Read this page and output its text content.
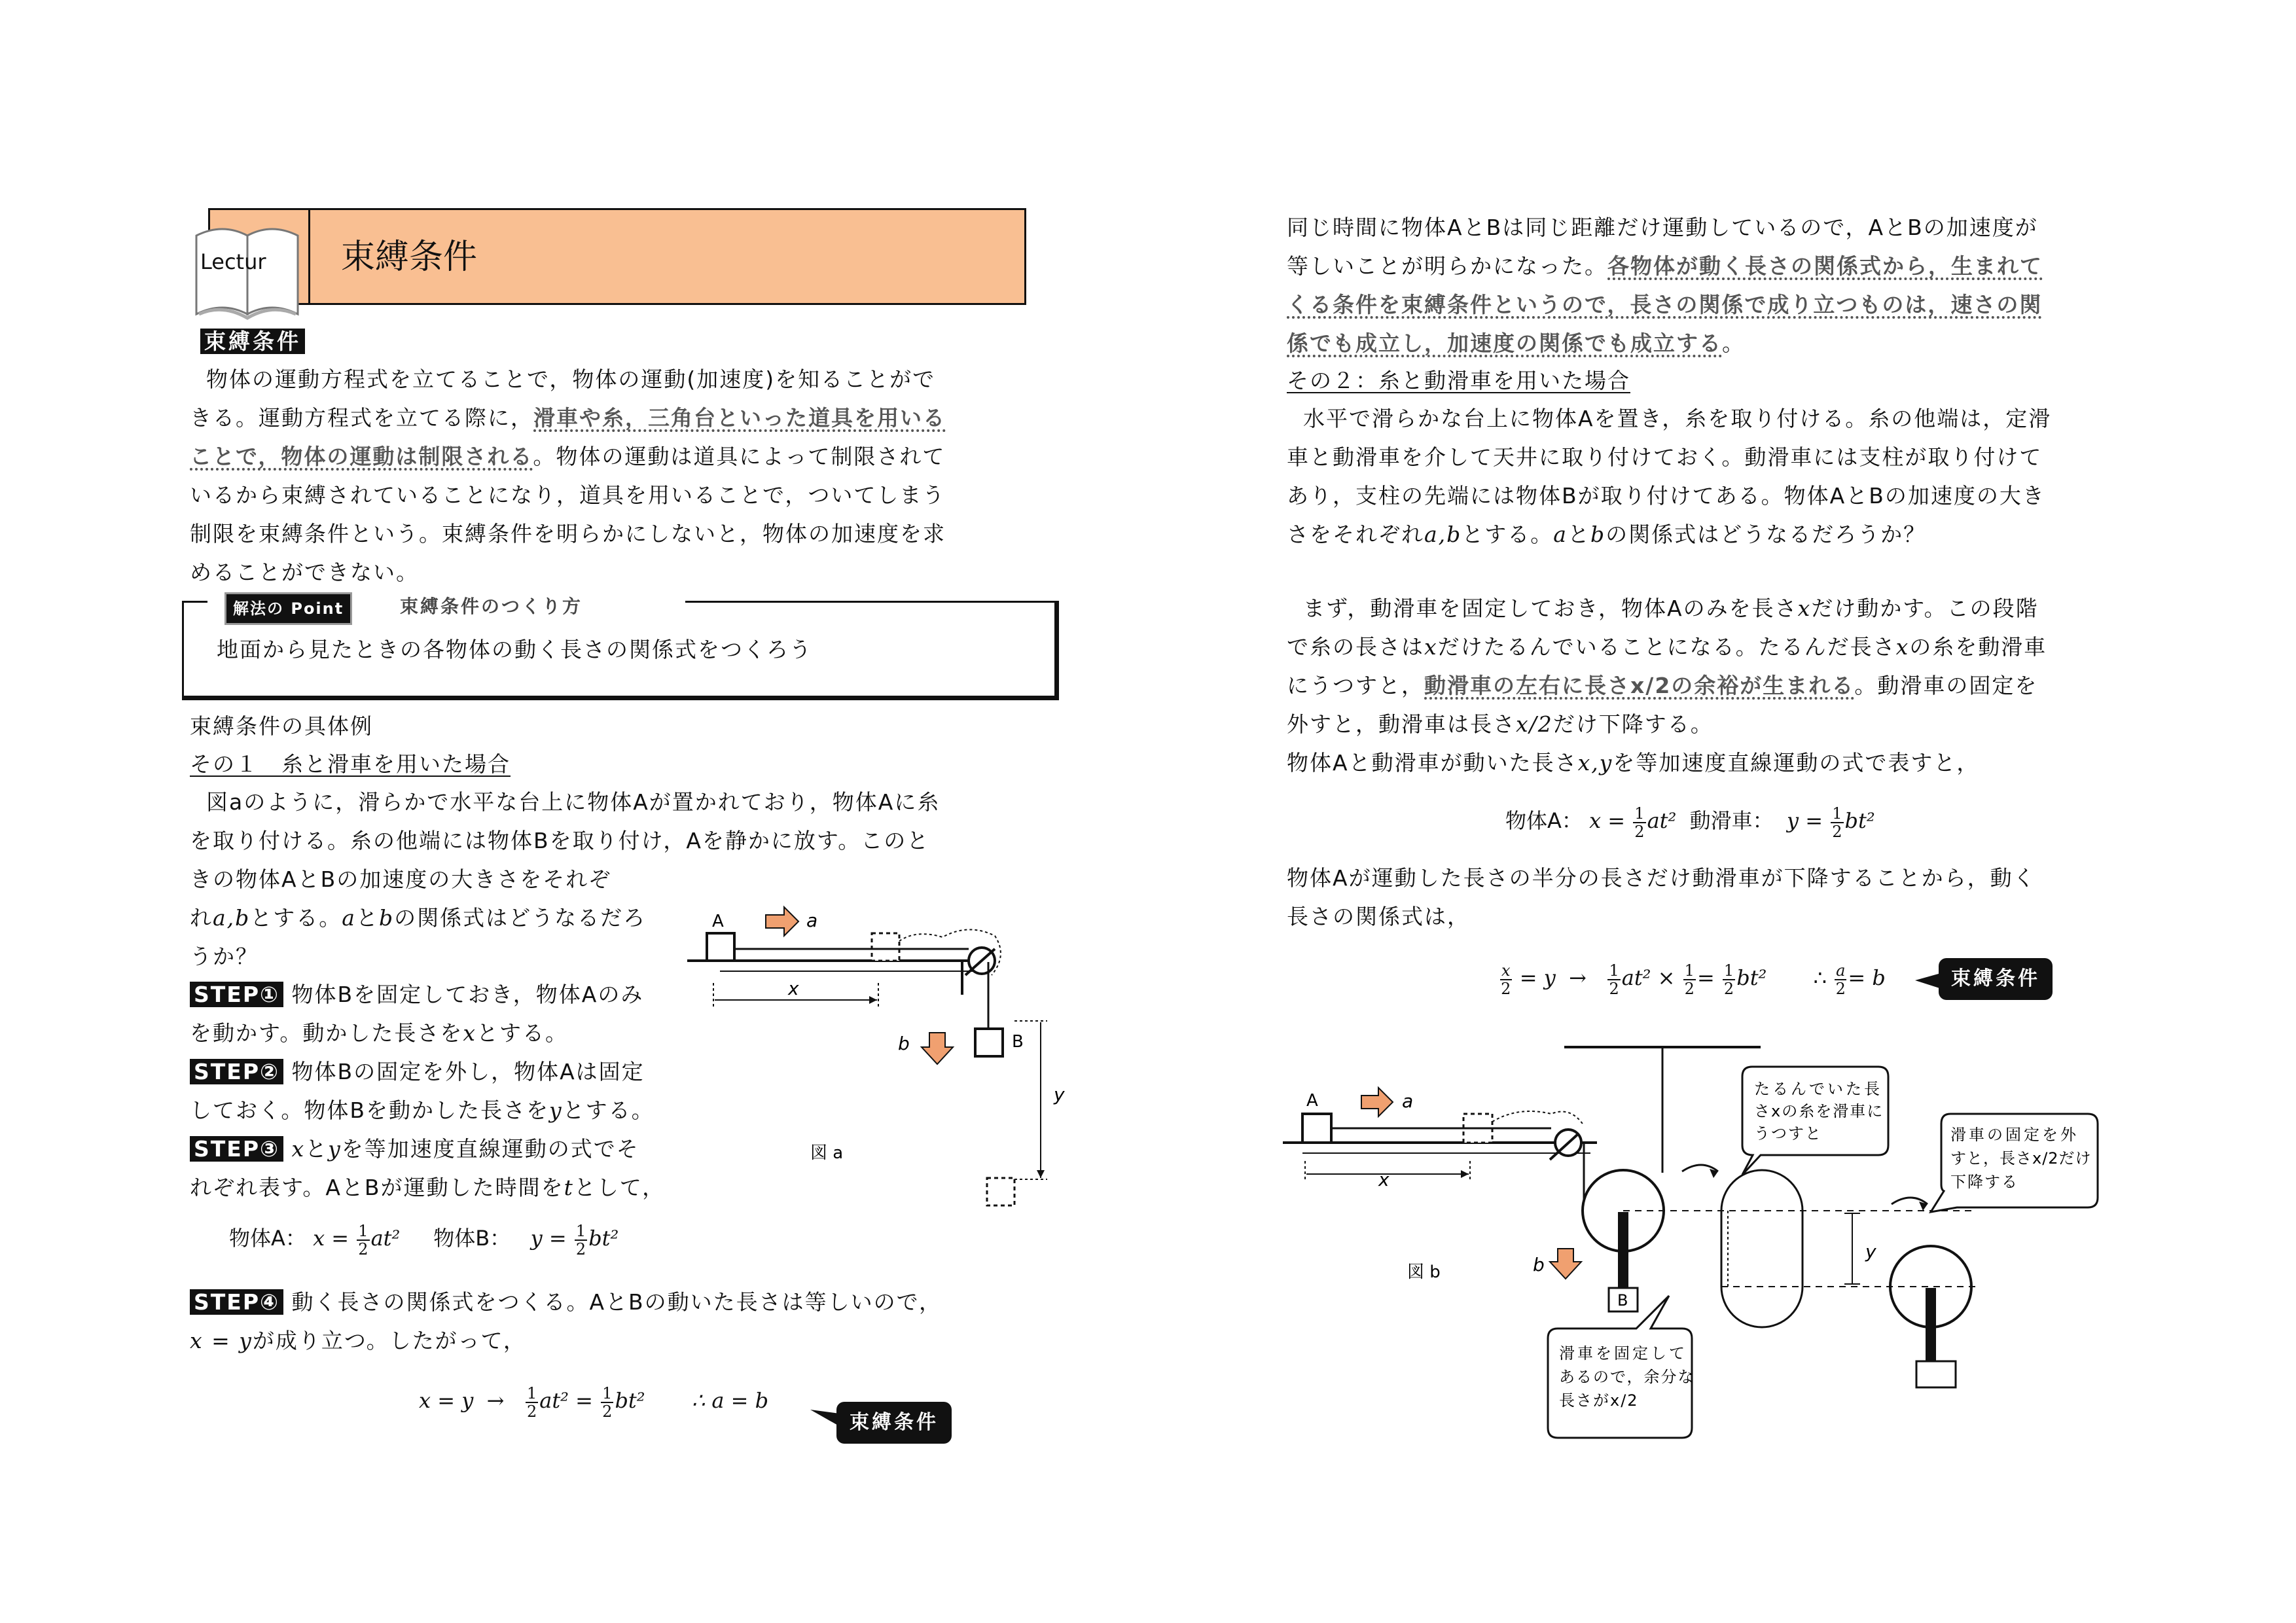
束縛条件
Lectur
束縛条件
物体の運動方程式を立てることで，物体の運動(加速度)を知ることがで
きる。運動方程式を立てる際に，滑車や糸，三角台といった道具を用いる
ことで，物体の運動は制限される。物体の運動は道具によって制限されて
いるから束縛されていることになり，道具を用いることで，ついてしまう
制限を束縛条件という。束縛条件を明らかにしないと，物体の加速度を求
めることができない。
解法の Point	束縛条件のつくり方
地面から見たときの各物体の動く長さの関係式をつくろう
束縛条件の具体例
その１　糸と滑車を用いた場合
図aのように，滑らかで水平な台上に物体Aが置かれており，物体Aに糸
を取り付ける。糸の他端には物体Bを取り付け，Aを静かに放す。このと
きの物体AとBの加速度の大きさをそれぞ
れa,bとする。aとbの関係式はどうなるだろ
うか？
STEP① 物体Bを固定しておき，物体Aのみ
を動かす。動かした長さをxとする。
STEP② 物体Bの固定を外し，物体Aは固定
しておく。物体Bを動かした長さをyとする。
STEP③ xとyを等加速度直線運動の式でそ
れぞれ表す。AとBが運動した時間をtとして，
物体A： $x = \frac{1}{2} at^2$ 物体B： $y = \frac{1}{2} bt^2$
STEP④ 動く長さの関係式をつくる。AとBの動いた長さは等しいので，
x = yが成り立つ。したがって，
$x = y \to \frac{1}{2} at^2 = \frac{1}{2} bt^2$ ∴ a = b
束縛条件
A
B
a
b
x
y
図 a
同じ時間に物体AとBは同じ距離だけ運動しているので，AとBの加速度が
等しいことが明らかになった。各物体が動く長さの関係式から，生まれて
くる条件を束縛条件というので，長さの関係で成り立つものは，速さの関
係でも成立し，加速度の関係でも成立する。
その２：糸と動滑車を用いた場合
水平で滑らかな台上に物体Aを置き，糸を取り付ける。糸の他端は，定滑
車と動滑車を介して天井に取り付けておく。動滑車には支柱が取り付けて
あり，支柱の先端には物体Bが取り付けてある。物体AとBの加速度の大き
さをそれぞれa,bとする。aとbの関係式はどうなるだろうか？
まず，動滑車を固定しておき，物体Aのみを長さxだけ動かす。この段階
で糸の長さはxだけたるんでいることになる。たるんだ長さxの糸を動滑車
にうつすと，動滑車の左右に長さx/2の余裕が生まれる。動滑車の固定を
外すと，動滑車は長さx/2だけ下降する。
物体Aと動滑車が動いた長さx,yを等加速度直線運動の式で表すと，
物体A： $x = \frac{1}{2} at^2$ 動滑車： $y = \frac{1}{2} bt^2$
物体Aが運動した長さの半分の長さだけ動滑車が下降することから，動く
長さの関係式は，
$\frac{x}{2} = y \to \frac{1}{2} at^2 \times \frac{1}{2} = \frac{1}{2} bt^2$ ∴ $\frac{a}{2} = b$	束縛条件
A
B
a
b
x
y
図 b
たるんでいた長
さxの糸を滑車に
うつすと	滑車の固定を外
すと，長さx/2だけ
下降する
滑車を固定して
あるので，余分な
長さがx/2
